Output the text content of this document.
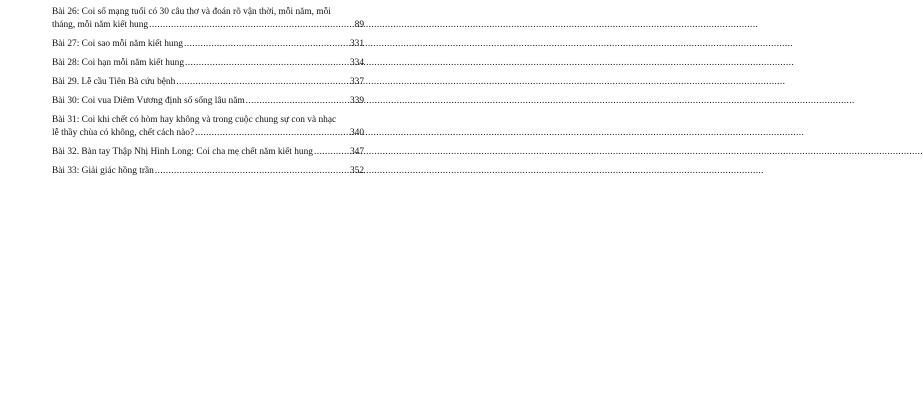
Bài 26: Coi số mạng tuổi có 30 câu thơ và đoán rõ vận thời, mỗi năm, mỗi
tháng, mỗi năm kiết hung .....	89
Bài 27: Coi sao mỗi năm kiết hung .....	331
Bài 28: Coi hạn mỗi năm kiết hung .....	334
Bài 29. Lễ cầu Tiên Bà cứu bệnh .....	337
Bài 30: Coi vua Diêm Vương định số sống lâu năm .....	339
Bài 31: Coi khi chết có hòm hay không và trong cuộc chung sự con và nhạc
lễ thầy chùa có không, chết cách nào? .....	340
Bài 32. Bàn tay Thập Nhị Hình Long: Coi cha mẹ chết năm kiết hung .....	347
Bài 33: Giải giác hồng trần .....	352
